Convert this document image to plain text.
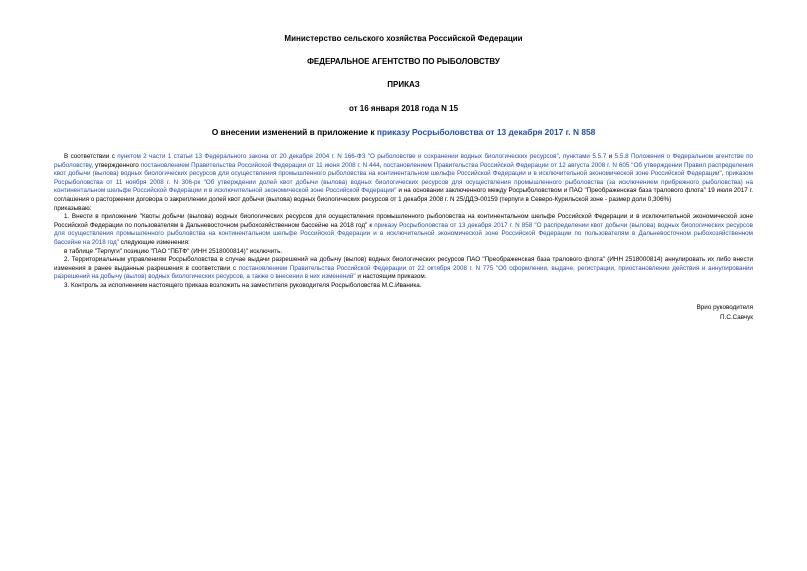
Министерство сельского хозяйства Российской Федерации
ФЕДЕРАЛЬНОЕ АГЕНТСТВО ПО РЫБОЛОВСТВУ
ПРИКАЗ
от 16 января 2018 года N 15
О внесении изменений в приложение к приказу Росрыболовства от 13 декабря 2017 г. N 858

В соответствии с пунктом 2 части 1 статьи 13 Федерального закона от 20 декабря 2004 г. N 166-ФЗ "О рыболовстве и сохранении водных биологических ресурсов", пунктами 5.5.7 и 5.5.8 Положения о Федеральном агентстве по рыболовству, утвержденного постановлением Правительства Российской Федерации от 11 июня 2008 г. N 444, постановлением Правительства Российской Федерации от 12 августа 2008 г. N 605 "Об утверждении Правил распределения квот добычи (вылова) водных биологических ресурсов для осуществления промышленного рыболовства на континентальном шельфе Российской Федерации и в исключительной экономической зоне Российской Федерации", приказом Росрыболовства от 11 ноября 2008 г. N 306-рк "Об утверждении долей квот добычи (вылова) водных биологических ресурсов для осуществления промышленного рыболовства (за исключением прибрежного рыболовства) на континентальном шельфе Российской Федерации и в исключительной экономической зоне Российской Федерации" и на основании заключенного между Росрыболовством и ПАО "Преображенская база тралового флота" 19 июля 2017 г. соглашения о расторжении договора о закреплении долей квот добычи (вылова) водных биологических ресурсов от 1 декабря 2008 г. N 25/ДДЭ-00159 (терпуги в Северо-Курильской зоне - размер доли 0,306%)

приказываю:

1. Внести в приложение "Квоты добычи (вылова) водных биологических ресурсов для осуществления промышленного рыболовства на континентальном шельфе Российской Федерации и в исключительной экономической зоне Российской Федерации по пользователям в Дальневосточном рыбохозяйственном бассейне на 2018 год" к приказу Росрыболовства от 13 декабря 2017 г. N 858 "О распределении квот добычи (вылова) водных биологических ресурсов для осуществления промышленного рыболовства на континентальном шельфе Российской Федерации и в исключительной экономической зоне Российской Федерации по пользователям в Дальневосточном рыбохозяйственном бассейне на 2018 год" следующие изменения:

в таблице "Терпуги" позицию "ПАО "ПБТФ" (ИНН 2518000814)" исключить.

2. Территориальным управлениям Росрыболовства в случае выдачи разрешений на добычу (вылов) водных биологических ресурсов ПАО "Преображенская база тралового флота" (ИНН 2518000814) аннулировать их либо внести изменения в ранее выданные разрешения в соответствии с постановлением Правительства Российской Федерации от 22 октября 2008 г. N 775 "Об оформлении, выдаче, регистрации, приостановлении действия и аннулировании разрешений на добычу (вылов) водных биологических ресурсов, а также о внесении в них изменений" и настоящим приказом.

3. Контроль за исполнением настоящего приказа возложить на заместителя руководителя Росрыболовства М.С.Иваника.

Врио руководителя
П.С.Савчук
